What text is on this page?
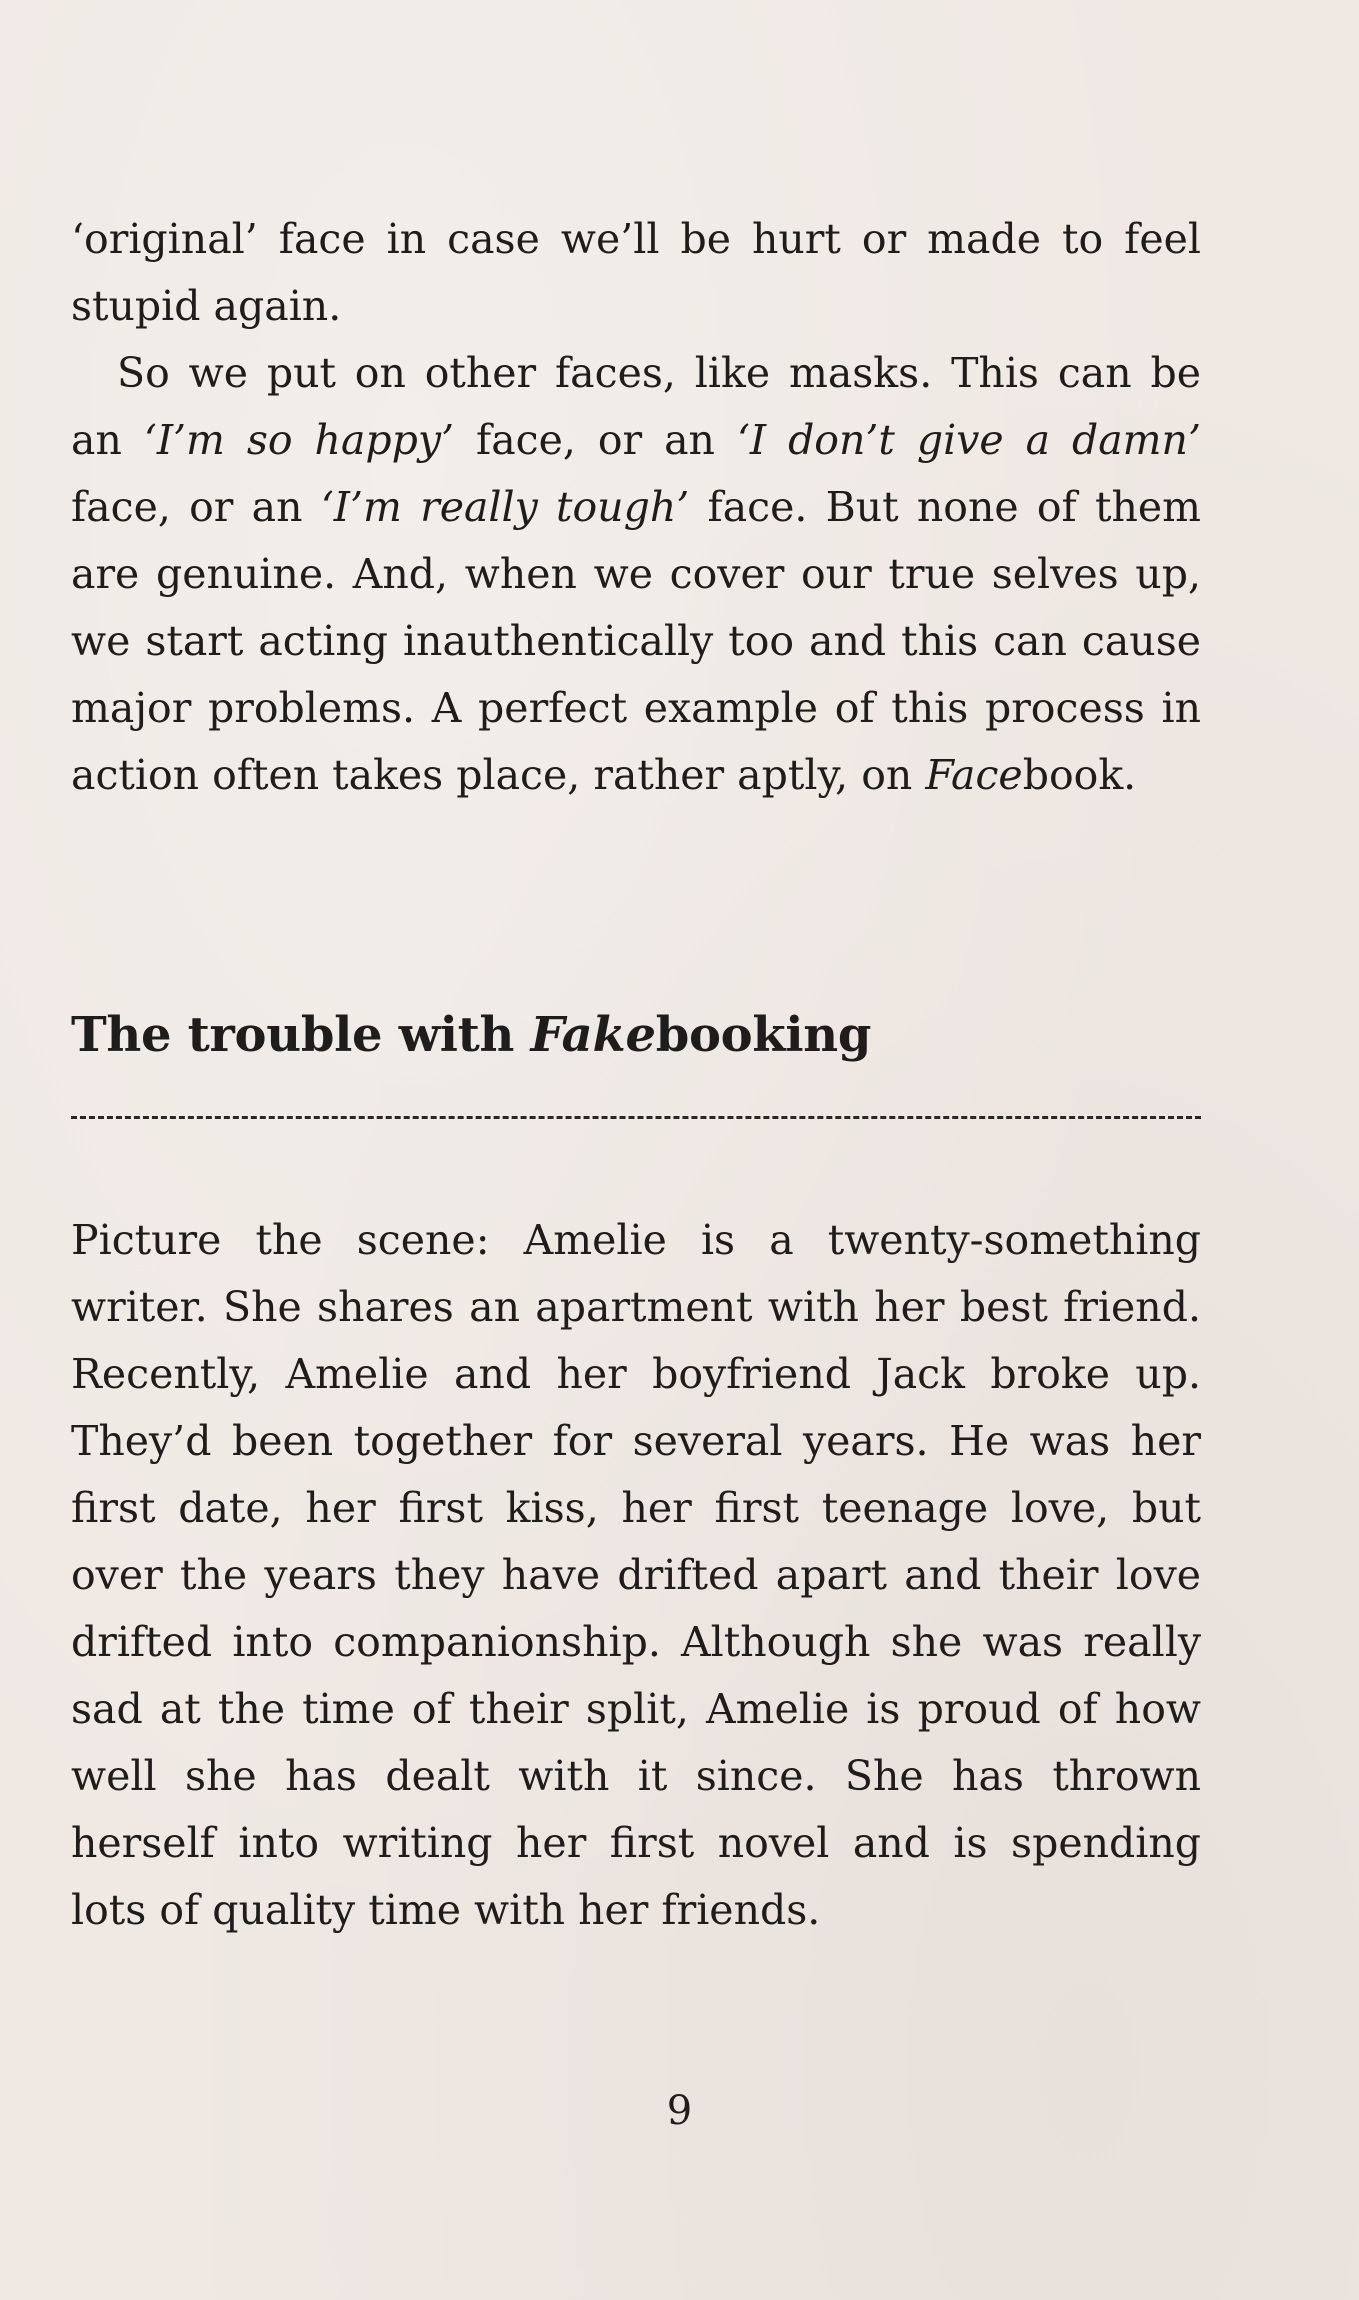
‘original’ face in case we’ll be hurt or made to feel stupid again.

So we put on other faces, like masks. This can be an ‘I’m so happy’ face, or an ‘I don’t give a damn’ face, or an ‘I’m really tough’ face. But none of them are genuine. And, when we cover our true selves up, we start acting inauthentically too and this can cause major problems. A perfect example of this process in action often takes place, rather aptly, on Facebook.

The trouble with Fakebooking

Picture the scene: Amelie is a twenty-something writer. She shares an apartment with her best friend. Recently, Amelie and her boyfriend Jack broke up. They’d been together for several years. He was her first date, her first kiss, her first teenage love, but over the years they have drifted apart and their love drifted into companionship. Although she was really sad at the time of their split, Amelie is proud of how well she has dealt with it since. She has thrown herself into writing her first novel and is spending lots of quality time with her friends.

9
